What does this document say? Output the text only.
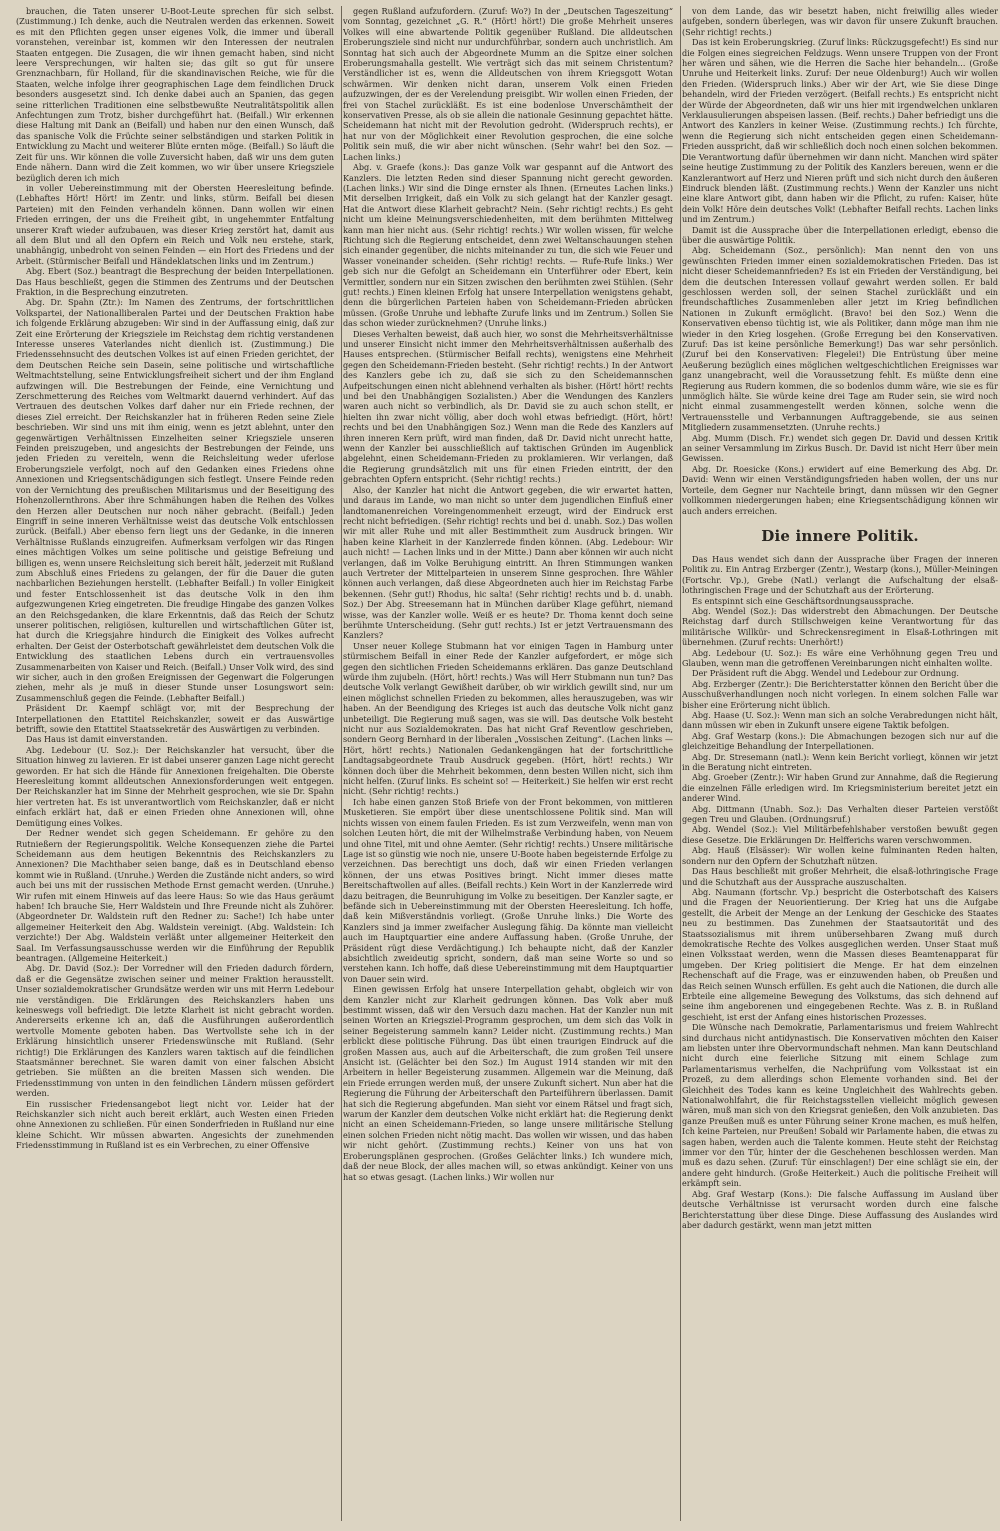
brauchen, die Taten unserer U-Boot-Leute sprechen für sich selbst. (Zustimmung.) Ich denke, auch die Neutralen werden das erkennen. Soweit es mit den Pflichten gegen unser eigenes Volk, die immer und überall voranstehen, vereinbar ist, kommen wir den Interessen der neutralen Staaten entgegen. Die Zusagen, die wir ihnen gemacht haben, sind nicht leere Versprechungen, wir halten sie; das gilt so gut für unsere Grenznachbarn, für Holland, für die skandinavischen Reiche, wie für die Staaten, welche infolge ihrer geographischen Lage dem feindlichen Druck besonders ausgesetzt sind. Ich denke dabei auch an Spanien, das gegen seine ritterlichen Traditionen eine selbstbewußte Neutralitätspolitik allen Anfechtungen zum Trotz, bisher durchgeführt hat. (Beifall.) Wir erkennen diese Haltung mit Dank an (Beifall) und haben nur den einen Wunsch, daß das spanische Volk die Früchte seiner selbständigen und starken Politik in Entwicklung zu Macht und weiterer Blüte ernten möge. (Beifall.) So läuft die Zeit für uns. Wir können die volle Zuversicht haben, daß wir uns dem guten Ende nähern. Dann wird die Zeit kommen, wo wir über unsere Kriegsziele bezüglich deren ich mich

in voller Uebereinstimmung mit der Obersten Heeresleitung befinde. (Lebhaftes Hört! Hört! im Zentr. und links, stürm. Beifall bei diesen Parteien) mit den Feinden verhandeln können. Dann wollen wir einen Frieden erringen, der uns die Freiheit gibt, in ungehemmter Entfaltung unserer Kraft wieder aufzubauen, was dieser Krieg zerstört hat, damit aus all dem Blut und all den Opfern ein Reich und Volk neu erstehe, stark, unabhängig, unbedroht von seinen Feinden — ein Hort des Friedens und der Arbeit. (Stürmischer Beifall und Händeklatschen links und im Zentrum.)

Abg. Ebert (Soz.) beantragt die Besprechung der beiden Interpellationen. Das Haus beschließt, gegen die Stimmen des Zentrums und der Deutschen Fraktion, in die Besprechung einzutreten.

Abg. Dr. Spahn (Ztr.): Im Namen des Zentrums, der fortschrittlichen Volkspartei, der Nationalliberalen Partei und der Deutschen Fraktion habe ich folgende Erklärung abzugeben: Wir sind in der Auffassung einig, daß zur Zeit eine Erörterung der Kriegsziele im Reichstag dem richtig verstandenen Interesse unseres Vaterlandes nicht dienlich ist. (Zustimmung.) Die Friedenssehnsucht des deutschen Volkes ist auf einen Frieden gerichtet, der dem Deutschen Reiche sein Dasein, seine politische und wirtschaftliche Weltmachtstellung, seine Entwicklungsfreiheit sichert und der ihm England aufzwingen will. Die Bestrebungen der Feinde, eine Vernichtung und Zerschmetterung des Reiches vom Weltmarkt dauernd verhindert. Auf das Vertrauen des deutschen Volkes darf daher nur ein Friede rechnen, der dieses Ziel erreicht. Der Reichskanzler hat in früheren Reden seine Ziele beschrieben. Wir sind uns mit ihm einig, wenn es jetzt ablehnt, unter den gegenwärtigen Verhältnissen Einzelheiten seiner Kriegsziele unseren Feinden preiszugeben, und angesichts der Bestrebungen der Feinde, uns jeden Frieden zu vereiteln, wenn die Reichsleitung weder uferlose Eroberungsziele verfolgt, noch auf den Gedanken eines Friedens ohne Annexionen und Kriegsentschädigungen sich festlegt. Unsere Feinde reden von der Vernichtung des preußischen Militarismus und der Beseitigung des Hohenzollernthrons. Aber ihre Schmähungen haben die Reihen des Volkes den Herzen aller Deutschen nur noch näher gebracht. (Beifall.) Jeden Eingriff in seine inneren Verhältnisse weist das deutsche Volk entschlossen zurück. (Beifall.) Aber ebenso fern liegt uns der Gedanke, in die inneren Verhältnisse Rußlands einzugreifen. Aufmerksam verfolgen wir das Ringen eines mächtigen Volkes um seine politische und geistige Befreiung und billigen es, wenn unsere Reichsleitung sich bereit hält, jederzeit mit Rußland zum Abschluß eines Friedens zu gelangen, der für die Dauer die guten nachbarlichen Beziehungen herstellt. (Lebhafter Beifall.) In voller Einigkeit und fester Entschlossenheit ist das deutsche Volk in den ihm aufgezwungenen Krieg eingetreten. Die freudige Hingabe des ganzen Volkes an den Reichsgedanken, die klare Erkenntnis, daß das Reich der Schutz unserer politischen, religiösen, kulturellen und wirtschaftlichen Güter ist, hat durch die Kriegsjahre hindurch die Einigkeit des Volkes aufrecht erhalten. Der Geist der Osterbotschaft gewährleistet dem deutschen Volk die Entwicklung des staatlichen Lebens durch ein vertrauensvolles Zusammenarbeiten von Kaiser und Reich. (Beifall.) Unser Volk wird, des sind wir sicher, auch in den großen Ereignissen der Gegenwart die Folgerungen ziehen, mehr als je muß in dieser Stunde unser Losungswort sein: Zusammenschluß gegen die Feinde. (Lebhafter Beifall.)

Präsident Dr. Kaempf schlägt vor, mit der Besprechung der Interpellationen den Etattitel Reichskanzler, soweit er das Auswärtige betrifft, sowie den Etattitel Staatssekretär des Auswärtigen zu verbinden.

Das Haus ist damit einverstanden.

Abg. Ledebour (U. Soz.): Der Reichskanzler hat versucht, über die Situation hinweg zu lavieren. Er ist dabei unserer ganzen Lage nicht gerecht geworden. Er hat sich die Hände für Annexionen freigehalten. Die Oberste Heeresleitung kommt alldeutschen Annexionsforderungen weit entgegen. Der Reichskanzler hat im Sinne der Mehrheit gesprochen, wie sie Dr. Spahn hier vertreten hat. Es ist unverantwortlich vom Reichskanzler, daß er nicht einfach erklärt hat, daß er einen Frieden ohne Annexionen will, ohne Demütigung eines Volkes.

Der Redner wendet sich gegen Scheidemann. Er gehöre zu den Rutnießern der Regierungspolitik. Welche Konsequenzen ziehe die Partei Scheidemann aus dem heutigen Bekenntnis des Reichskanzlers zu Annexionen? Die Machthaber seien bange, daß es in Deutschland ebenso kommt wie in Rußland. (Unruhe.) Werden die Zustände nicht anders, so wird auch bei uns mit der russischen Methode Ernst gemacht werden. (Unruhe.) Wir rufen mit einem Hinweis auf das leere Haus: So wie das Haus geräumt haben! Ich brauche Sie, Herr Waldstein und Ihre Freunde nicht als Zuhörer. (Abgeordneter Dr. Waldstein ruft den Redner zu: Sache!) Ich habe unter allgemeiner Heiterkeit den Abg. Waldstein vereinigt. (Abg. Waldstein: Ich verzichte!) Der Abg. Waldstein verläßt unter allgemeiner Heiterkeit den Saal. Im Verfassungsausschusse werden wir die Einführung der Republik beantragen. (Allgemeine Heiterkeit.)

Abg. Dr. David (Soz.): Der Vorredner will den Frieden dadurch fördern, daß er die Gegensätze zwischen seiner und meiner Fraktion herausstellt. Unser sozialdemokratischer Grundsätze werden wir uns mit Herrn Ledebour nie verständigen. Die Erklärungen des Reichskanzlers haben uns keineswegs voll befriedigt. Die letzte Klarheit ist nicht gebracht worden. Andererseits erkenne ich an, daß die Ausführungen außerordentlich wertvolle Momente geboten haben. Das Wertvollste sehe ich in der Erklärung hinsichtlich unserer Friedenswünsche mit Rußland. (Sehr richtig!) Die Erklärungen des Kanzlers waren taktisch auf die feindlichen Staatsmänner berechnet. Sie waren damit von einer falschen Absicht getrieben. Sie müßten an die breiten Massen sich wenden. Die Friedensstimmung von unten in den feindlichen Ländern müssen gefördert werden.

Ein russischer Friedensangebot liegt nicht vor. Leider hat der Reichskanzler sich nicht auch bereit erklärt, auch Westen einen Frieden ohne Annexionen zu schließen. Für einen Sonderfrieden in Rußland nur eine kleine Schicht. Wir müssen abwarten. Angesichts der zunehmenden Friedensstimmung in Rußland ist es ein Verbrechen, zu einer Offensive

gegen Rußland aufzufordern. (Zuruf: Wo?) In der „Deutschen Tageszeitung“ vom Sonntag, gezeichnet „G. R.“ (Hört! hört!) Die große Mehrheit unseres Volkes will eine abwartende Politik gegenüber Rußland. Die alldeutschen Eroberungsziele sind nicht nur undurchführbar, sondern auch unchristlich. Am Sonntag hat sich auch der Abgeordnete Mumm an die Spitze einer solchen Eroberungsmahalla gestellt. Wie verträgt sich das mit seinem Christentum? Verständlicher ist es, wenn die Alldeutschen von ihrem Kriegsgott Wotan schwärmen. Wir denken nicht daran, unserem Volk einen Frieden aufzuzwingen, der es der Verelendung preisgibt. Wir wollen einen Frieden, der frei von Stachel zurückläßt. Es ist eine bodenlose Unverschämtheit der konservativen Presse, als ob sie allein die nationale Gesinnung gepachtet hätte. Scheidemann hat nicht mit der Revolution gedroht. (Widerspruch rechts), er hat nur von der Möglichkeit einer Revolution gesprochen, die eine solche Politik sein muß, die wir aber nicht wünschen. (Sehr wahr! bei den Soz. — Lachen links.)

Abg. v. Graefe (kons.): Das ganze Volk war gespannt auf die Antwort des Kanzlers. Die letzten Reden sind dieser Spannung nicht gerecht geworden. (Lachen links.) Wir sind die Dinge ernster als Ihnen. (Erneutes Lachen links.) Mit derselben Irrigkeit, daß ein Volk zu sich gelangt hat der Kanzler gesagt. Hat die Antwort diese Klarheit gebracht? Nein. (Sehr richtig! rechts.) Es geht nicht um kleine Meinungsverschiedenheiten, mit dem berühmten Mittelweg kann man hier nicht aus. (Sehr richtig! rechts.) Wir wollen wissen, für welche Richtung sich die Regierung entscheidet, denn zwei Weltanschauungen stehen sich einander gegenüber, die nichts miteinander zu tun, die sich wie Feuer und Wasser voneinander scheiden. (Sehr richtig! rechts. — Rufe-Rufe links.) Wer geb sich nur die Gefolgt an Scheidemann ein Unterführer oder Ebert, kein Vermittler, sondern nur ein Sitzen zwischen den berühmten zwei Stühlen. (Sehr gut! rechts.) Einen kleinen Erfolg hat unsere Interpellation wenigstens gehabt, denn die bürgerlichen Parteien haben von Scheidemann-Frieden abrücken müssen. (Große Unruhe und lebhafte Zurufe links und im Zentrum.) Sollen Sie das schon wieder zurücknehmen? (Unruhe links.)

Dieses Verhalten beweist, daß auch hier, wo sonst die Mehrheitsverhältnisse und unserer Einsicht nicht immer den Mehrheitsverhältnissen außerhalb des Hauses entsprechen. (Stürmischer Beifall rechts), wenigstens eine Mehrheit gegen den Scheidemann-Frieden besteht. (Sehr richtig! rechts.) In der Antwort des Kanzlers gebe ich zu, daß sie sich zu den Scheidemannschen Aufpeitschungen einen nicht ablehnend verhalten als bisher. (Hört! hört! rechts und bei den Unabhängigen Sozialisten.) Aber die Wendungen des Kanzlers waren auch nicht so verbindlich, als Dr. David sie zu auch schon stellt, er hielten ihn zwar nicht völlig, aber doch wohl etwas befriedigt. (Hört, hört! rechts und bei den Unabhängigen Soz.) Wenn man die Rede des Kanzlers auf ihren inneren Kern prüft, wird man finden, daß Dr. David nicht unrecht hatte, wenn der Kanzler bei ausschließlich auf taktischen Gründen im Augenblick abgelehnt, einen Scheidemann-Frieden zu proklamieren. Wir verlangen, daß die Regierung grundsätzlich mit uns für einen Frieden eintritt, der den gebrachten Opfern entspricht. (Sehr richtig! rechts.)

Also, der Kanzler hat nicht die Antwort gegeben, die wir erwartet hatten, und daraus im Lande, wo man nicht so unter dem jugendlichen Einfluß einer landtomanenreichen Voreingenommenheit erzeugt, wird der Eindruck erst recht nicht befriedigen. (Sehr richtig! rechts und bei d. unabh. Soz.) Das wollen wir mit aller Ruhe und mit aller Bestimmtheit zum Ausdruck bringen. Wir haben keine Klarheit in der Kanzlerrede finden können. (Abg. Ledebour: Wir auch nicht! — Lachen links und in der Mitte.) Dann aber können wir auch nicht verlangen, daß im Volke Beruhigung eintritt. An Ihren Stimmungen wanken auch Vertreter der Mittelparteien in unserem Sinne gesprochen. Ihre Wähler können auch verlangen, daß diese Abgeordneten auch hier im Reichstag Farbe bekennen. (Sehr gut!) Rhodus, hic salta! (Sehr richtig! rechts und b. d. unabh. Soz.) Der Abg. Streesemann hat in München darüber Klage geführt, niemand wisse, was der Kanzler wolle. Weiß er es heute? Dr. Thoma kennt doch seine berühmte Unterscheidung. (Sehr gut! rechts.) Ist er jetzt Vertrauensmann des Kanzlers?

Unser neuer Kollege Stubmann hat vor einigen Tagen in Hamburg unter stürmischem Beifall in einer Rede der Kanzler aufgefordert, er möge sich gegen den sichtlichen Frieden Scheidemanns erklären. Das ganze Deutschland würde ihm zujubeln. (Hört, hört! rechts.) Was will Herr Stubmann nun tun? Das deutsche Volk verlangt Gewißheit darüber, ob wir wirklich gewillt sind, nur um einen möglichst schnellen Frieden zu bekommen, alles herauszugeben, was wir haben. An der Beendigung des Krieges ist auch das deutsche Volk nicht ganz unbeteiligt. Die Regierung muß sagen, was sie will. Das deutsche Volk besteht nicht nur aus Sozialdemokraten. Das hat nicht Graf Reventlow geschrieben, sondern Georg Bernhard in der liberalen „Vossischen Zeitung“. (Lachen links — Hört, hört! rechts.) Nationalen Gedankengängen hat der fortschrittliche Landtagsabgeordnete Traub Ausdruck gegeben. (Hört, hört! rechts.) Wir können doch über die Mehrheit bekommen, denn besten Willen nicht, sich ihm nicht helfen. (Zuruf links. Es scheint so! — Heiterkeit.) Sie helfen wir erst recht nicht. (Sehr richtig! rechts.)

Ich habe einen ganzen Stoß Briefe von der Front bekommen, von mittleren Musketieren. Sie empört über diese unentschlossene Politik sind. Man will nichts wissen von einem faulen Frieden. Es ist zum Verzweifeln, wenn man von solchen Leuten hört, die mit der Wilhelmstraße Verbindung haben, von Neuem und ohne Titel, mit und ohne Aemter. (Sehr richtig! rechts.) Unsere militärische Lage ist so günstig wie noch nie, unsere U-Boote haben begeisternde Erfolge zu verzeichnen. Das berechtigt uns doch, daß wir einen Frieden verlangen können, der uns etwas Positives bringt. Nicht immer dieses matte Bereitschaftwollen auf alles. (Beifall rechts.) Kein Wort in der Kanzlerrede wird dazu beitragen, die Beunruhigung im Volke zu beseitigen. Der Kanzler sagte, er befände sich in Uebereinstimmung mit der Obersten Heeresleitung. Ich hoffe, daß kein Mißverständnis vorliegt. (Große Unruhe links.) Die Worte des Kanzlers sind ja immer zweifacher Auslegung fähig. Da könnte man vielleicht auch im Hauptquartier eine andere Auffassung haben. (Große Unruhe, der Präsident rügt diese Verdächtigung.) Ich behaupte nicht, daß der Kanzler absichtlich zweideutig spricht, sondern, daß man seine Worte so und so verstehen kann. Ich hoffe, daß diese Uebereinstimmung mit dem Hauptquartier von Dauer sein wird.

Einen gewissen Erfolg hat unsere Interpellation gehabt, obgleich wir von dem Kanzler nicht zur Klarheit gedrungen können. Das Volk aber muß bestimmt wissen, daß wir den Versuch dazu machen. Hat der Kanzler nun mit seinen Worten an Kriegsziel-Programm gesprochen, um dem sich das Volk in seiner Begeisterung sammeln kann? Leider nicht. (Zustimmung rechts.) Man erblickt diese politische Führung. Das übt einen traurigen Eindruck auf die großen Massen aus, auch auf die Arbeiterschaft, die zum großen Teil unsere Ansicht ist. (Gelächter bei den Soz.) Im August 1914 standen wir mit den Arbeitern in heller Begeisterung zusammen. Allgemein war die Meinung, daß ein Friede errungen werden muß, der unsere Zukunft sichert. Nun aber hat die Regierung die Führung der Arbeiterschaft den Parteiführern überlassen. Damit hat sich die Regierung abgefunden. Man sieht vor einem Rätsel und fragt sich, warum der Kanzler dem deutschen Volke nicht erklärt hat: die Regierung denkt nicht an einen Scheidemann-Frieden, so lange unsere militärische Stellung einen solchen Frieden nicht nötig macht. Das wollen wir wissen, und das haben wir nicht gehört. (Zustimmung rechts.) Keiner von uns hat von Eroberungsplänen gesprochen. (Großes Gelächter links.) Ich wundere mich, daß der neue Block, der alles machen will, so etwas ankündigt. Keiner von uns hat so etwas gesagt. (Lachen links.) Wir wollen nur

von dem Lande, das wir besetzt haben, nicht freiwillig alles wieder aufgeben, sondern überlegen, was wir davon für unsere Zukunft brauchen. (Sehr richtig! rechts.)

Das ist kein Eroberungskrieg. (Zuruf links: Rückzugsgefecht!) Es sind nur die Folgen eines siegreichen Feldzugs. Wenn unsere Truppen von der Front her wären und sähen, wie die Herren die Sache hier behandeln... (Große Unruhe und Heiterkeit links. Zuruf: Der neue Oldenburg!) Auch wir wollen den Frieden. (Widerspruch links.) Aber wir der Art, wie Sie diese Dinge behandeln, wird der Frieden verzögert. (Beifall rechts.) Es entspricht nicht der Würde der Abgeordneten, daß wir uns hier mit irgendwelchen unklaren Verklausulierungen abspeisen lassen. (Beif. rechts.) Daher befriedigt uns die Antwort des Kanzlers in keiner Weise. (Zustimmung rechts.) Ich fürchte, wenn die Regierung sich nicht entscheiden gegen einen Scheidemann-Frieden ausspricht, daß wir schließlich doch noch einen solchen bekommen. Die Verantwortung dafür übernehmen wir dann nicht. Manchen wird später seine heutige Zustimmung zu der Politik des Kanzlers bereuen, wenn er die Kanzlerantwort auf Herz und Nieren prüft und sich nicht durch den äußeren Eindruck blenden läßt. (Zustimmung rechts.) Wenn der Kanzler uns nicht eine klare Antwort gibt, dann haben wir die Pflicht, zu rufen: Kaiser, hüte dein Volk! Höre dein deutsches Volk! (Lebhafter Beifall rechts. Lachen links und im Zentrum.)

Damit ist die Aussprache über die Interpellationen erledigt, ebenso die über die auswärtige Politik.

Abg. Scheidemann (Soz., persönlich): Man nennt den von uns gewünschten Frieden immer einen sozialdemokratischen Frieden. Das ist nicht dieser Scheidemannfrieden? Es ist ein Frieden der Verständigung, bei dem die deutschen Interessen vollauf gewahrt werden sollen. Er bald geschlossen werden soll, der seinen Stachel zurückläßt und ein freundschaftliches Zusammenleben aller jetzt im Krieg befindlichen Nationen in Zukunft ermöglicht. (Bravo! bei den Soz.) Wenn die Konservativen ebenso tüchtig ist, wie als Politiker, dann möge man ihm nie wieder in den Krieg losgehen. (Große Erregung bei den Konservativen. Zuruf: Das ist keine persönliche Bemerkung!) Das war sehr persönlich. (Zuruf bei den Konservativen: Flegelei!) Die Entrüstung über meine Aeußerung bezüglich eines möglichen weltgeschichtlichen Ereignisses war ganz unangebracht, weil die Voraussetzung fehlt. Es müßte denn eine Regierung aus Rudern kommen, die so bodenlos dumm wäre, wie sie es für unmöglich hälte. Sie würde keine drei Tage am Ruder sein, sie wird noch nicht einmal zusammengestellt werden können, solche wenn die Vertrauensstelle und Verbannungen Auftraggebende, sie aus seinen Mitgliedern zusammensetzten. (Unruhe rechts.)

Abg. Mumm (Disch. Fr.) wendet sich gegen Dr. David und dessen Kritik an seiner Versammlung im Zirkus Busch. Dr. David ist nicht Herr über mein Gewissen.

Abg. Dr. Roesicke (Kons.) erwidert auf eine Bemerkung des Abg. Dr. David: Wenn wir einen Verständigungsfrieden haben wollen, der uns nur Vorteile, dem Gegner nur Nachteile bringt, dann müssen wir den Gegner vollkommen niedergerungen haben; eine Kriegsentschädigung können wir auch anders erreichen.

Die innere Politik.

Das Haus wendet sich dann der Aussprache über Fragen der inneren Politik zu. Ein Antrag Erzberger (Zentr.), Westarp (kons.), Müller-Meiningen (Fortschr. Vp.), Grebe (Natl.) verlangt die Aufschaltung der elsaß-lothringischen Frage und der Schutzhaft aus der Erörterung.

Es entspinnt sich eine Geschäftsordnungsaussprache.

Abg. Wendel (Soz.): Das widerstrebt den Abmachungen. Der Deutsche Reichstag darf durch Stillschweigen keine Verantwortung für das militärische Willkür- und Schreckensregiment in Elsaß-Lothringen mit übernehmen. (Zuruf rechts: Unerhört!)

Abg. Ledebour (U. Soz.): Es wäre eine Verhöhnung gegen Treu und Glauben, wenn man die getroffenen Vereinbarungen nicht einhalten wollte.

Der Präsident ruft die Abgg. Wendel und Ledebour zur Ordnung.

Abg. Erzberger (Zentr.): Die Berichterstatter können den Bericht über die Ausschußverhandlungen noch nicht vorlegen. In einem solchen Falle war bisher eine Erörterung nicht üblich.

Abg. Haase (U. Soz.): Wenn man sich an solche Verabredungen nicht hält, dann müssen wir eben in Zukunft unsere eigene Taktik befolgen.

Abg. Graf Westarp (kons.): Die Abmachungen bezogen sich nur auf die gleichzeitige Behandlung der Interpellationen.

Abg. Dr. Stresemann (natl.): Wenn kein Bericht vorliegt, können wir jetzt in die Beratung nicht eintreten.

Abg. Groeber (Zentr.): Wir haben Grund zur Annahme, daß die Regierung die einzelnen Fälle erledigen wird. Im Kriegsministerium bereitet jetzt ein anderer Wind.

Abg. Dittmann (Unabh. Soz.): Das Verhalten dieser Parteien verstößt gegen Treu und Glauben. (Ordnungsruf.)

Abg. Wendel (Soz.): Viel Militärbefehlshaber verstoßen bewußt gegen diese Gesetze. Die Erklärungen Dr. Helfferichs waren verschwommen.

Abg. Hauß (Elsässer): Wir wollen keine fulminanten Reden halten, sondern nur den Opfern der Schutzhaft nützen.

Das Haus beschließt mit großer Mehrheit, die elsaß-lothringische Frage und die Schutzhaft aus der Aussprache auszuschalten.

Abg. Naumann (fortschr. Vp.) bespricht die Osterbotschaft des Kaisers und die Fragen der Neuorientierung. Der Krieg hat uns die Aufgabe gestellt, die Arbeit der Menge an der Lenkung der Geschicke des Staates neu zu bestimmen. Das Zunehmen der Staatsautorität und des Staatssozialismus mit ihrem unübersehbaren Zwang muß durch demokratische Rechte des Volkes ausgeglichen werden. Unser Staat muß einen Volksstaat werden, wenn die Massen dieses Beamtenapparat für umgeben. Der Krieg politisiert die Menge. Er hat dem einzelnen Rechenschaft auf die Frage, was er einzuwenden haben, ob Preußen und das Reich seinen Wunsch erfüllen. Es geht auch die Nationen, die durch alle Erbteile eine allgemeine Bewegung des Volkstums, das sich dehnend auf seine ihm angeborenen und eingegebenen Rechte. Was z. B. in Rußland geschieht, ist erst der Anfang eines historischen Prozesses.

Die Wünsche nach Demokratie, Parlamentarismus und freiem Wahlrecht sind durchaus nicht antidynastisch. Die Konservativen möchten den Kaiser am liebsten unter ihre Obervormundschaft nehmen. Man kann Deutschland nicht durch eine feierliche Sitzung mit einem Schlage zum Parlamentarismus verhelfen, die Nachprüfung vom Volksstaat ist ein Prozeß, zu dem allerdings schon Elemente vorhanden sind. Bei der Gleichheit des Todes kann es keine Ungleichheit des Wahlrechts geben. Nationalwohlfahrt, die für Reichstagsstellen vielleicht möglich gewesen wären, muß man sich von den Kriegsrat genießen, den Volk anzubieten. Das ganze Preußen muß es unter Führung seiner Krone machen, es muß helfen, Ich keine Parteien, nur Preußen! Sobald wir Parlamente haben, die etwas zu sagen haben, werden auch die Talente kommen. Heute steht der Reichstag immer vor den Tür, hinter der die Geschehenen beschlossen werden. Man muß es dazu sehen. (Zuruf: Tür einschlagen!) Der eine schlägt sie ein, der andere geht hindurch. (Große Heiterkeit.) Auch die politische Freiheit will erkämpft sein.

Abg. Graf Westarp (Kons.): Die falsche Auffassung im Ausland über deutsche Verhältnisse ist verursacht worden durch eine falsche Berichterstattung über diese Dinge. Diese Auffassung des Auslandes wird aber dadurch gestärkt, wenn man jetzt mitten
